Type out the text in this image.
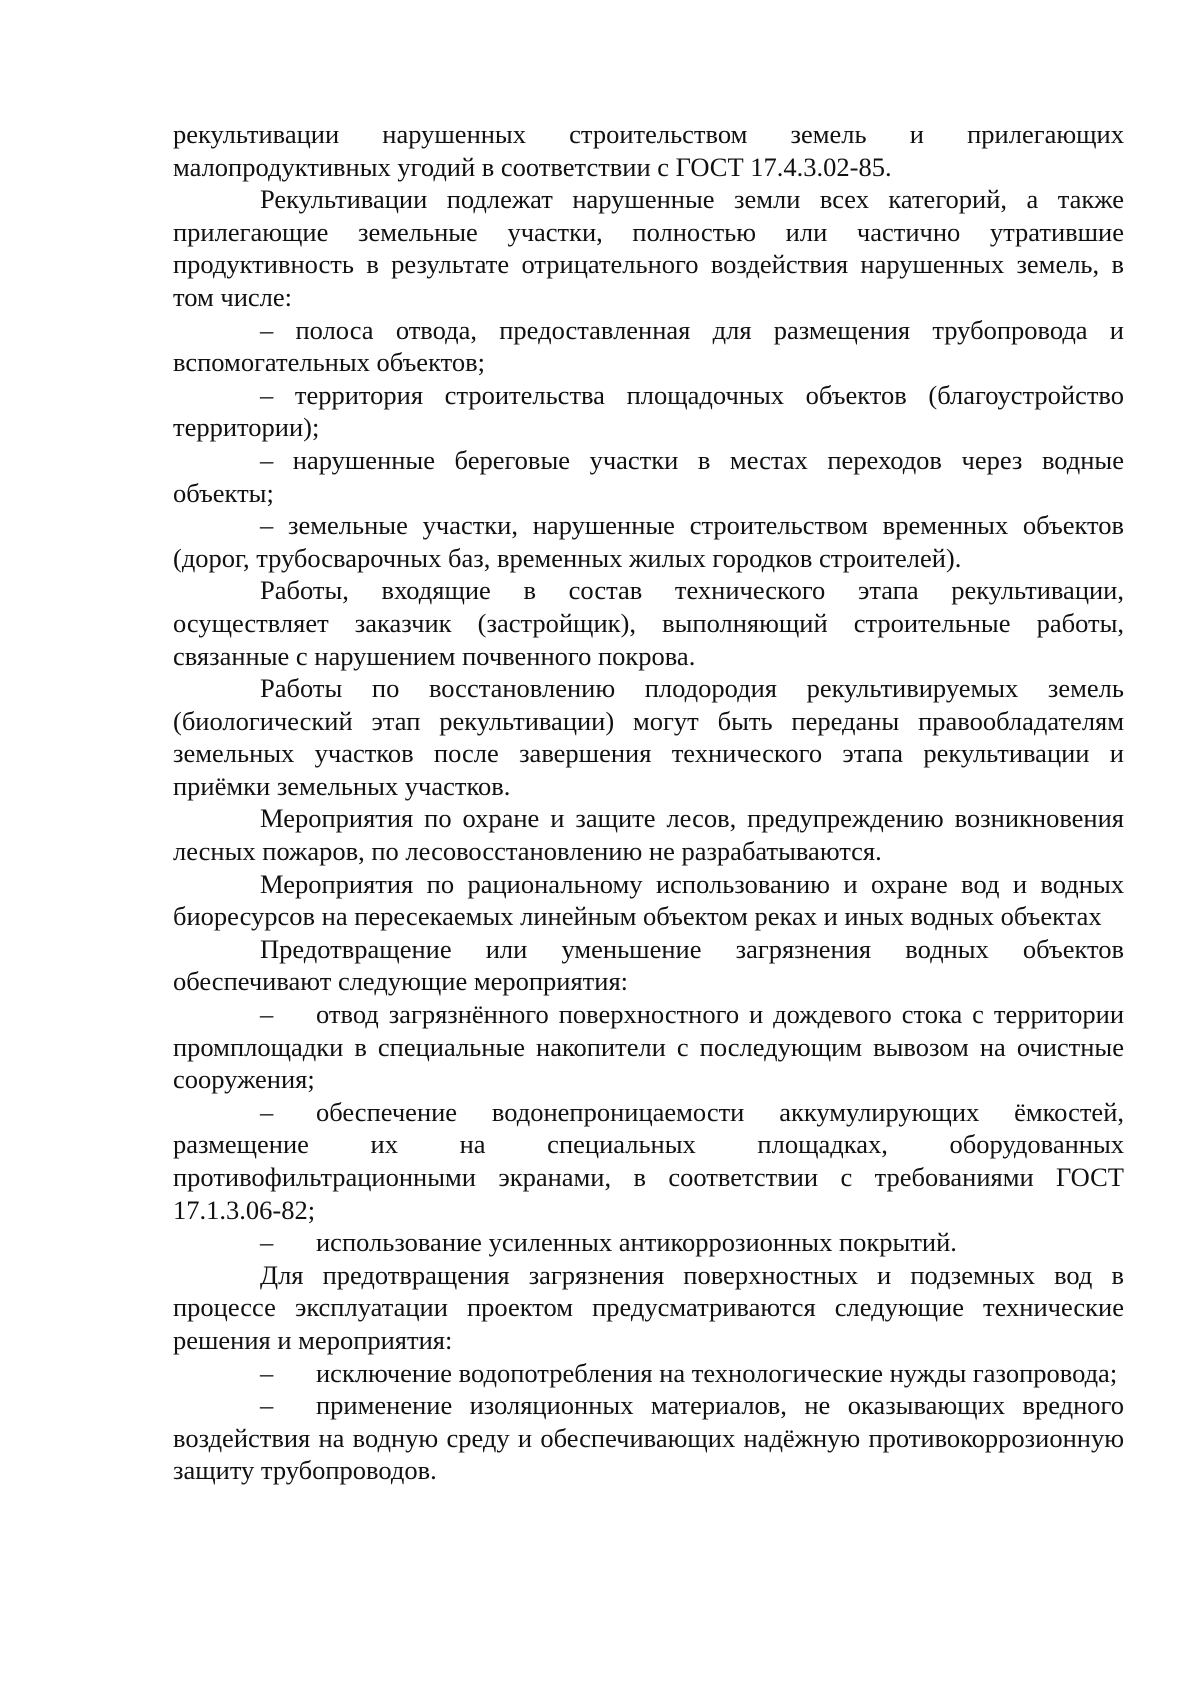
рекультивации нарушенных строительством земель и прилегающих малопродуктивных угодий в соответствии с ГОСТ 17.4.3.02-85.

Рекультивации подлежат нарушенные земли всех категорий, а также прилегающие земельные участки, полностью или частично утратившие продуктивность в результате отрицательного воздействия нарушенных земель, в том числе:

– полоса отвода, предоставленная для размещения трубопровода и вспомогательных объектов;

– территория строительства площадочных объектов (благоустройство территории);

– нарушенные береговые участки в местах переходов через водные объекты;

– земельные участки, нарушенные строительством временных объектов (дорог, трубосварочных баз, временных жилых городков строителей).

Работы, входящие в состав технического этапа рекультивации, осуществляет заказчик (застройщик), выполняющий строительные работы, связанные с нарушением почвенного покрова.

Работы по восстановлению плодородия рекультивируемых земель (биологический этап рекультивации) могут быть переданы правообладателям земельных участков после завершения технического этапа рекультивации и приёмки земельных участков.

Мероприятия по охране и защите лесов, предупреждению возникновения лесных пожаров, по лесовосстановлению не разрабатываются.

Мероприятия по рациональному использованию и охране вод и водных биоресурсов на пересекаемых линейным объектом реках и иных водных объектах

Предотвращение или уменьшение загрязнения водных объектов обеспечивают следующие мероприятия:

– отвод загрязнённого поверхностного и дождевого стока с территории промплощадки в специальные накопители с последующим вывозом на очистные сооружения;

– обеспечение водонепроницаемости аккумулирующих ёмкостей, размещение их на специальных площадках, оборудованных противофильтрационными экранами, в соответствии с требованиями ГОСТ 17.1.3.06-82;

– использование усиленных антикоррозионных покрытий.

Для предотвращения загрязнения поверхностных и подземных вод в процессе эксплуатации проектом предусматриваются следующие технические решения и мероприятия:

– исключение водопотребления на технологические нужды газопровода;

– применение изоляционных материалов, не оказывающих вредного воздействия на водную среду и обеспечивающих надёжную противокоррозионную защиту трубопроводов.
